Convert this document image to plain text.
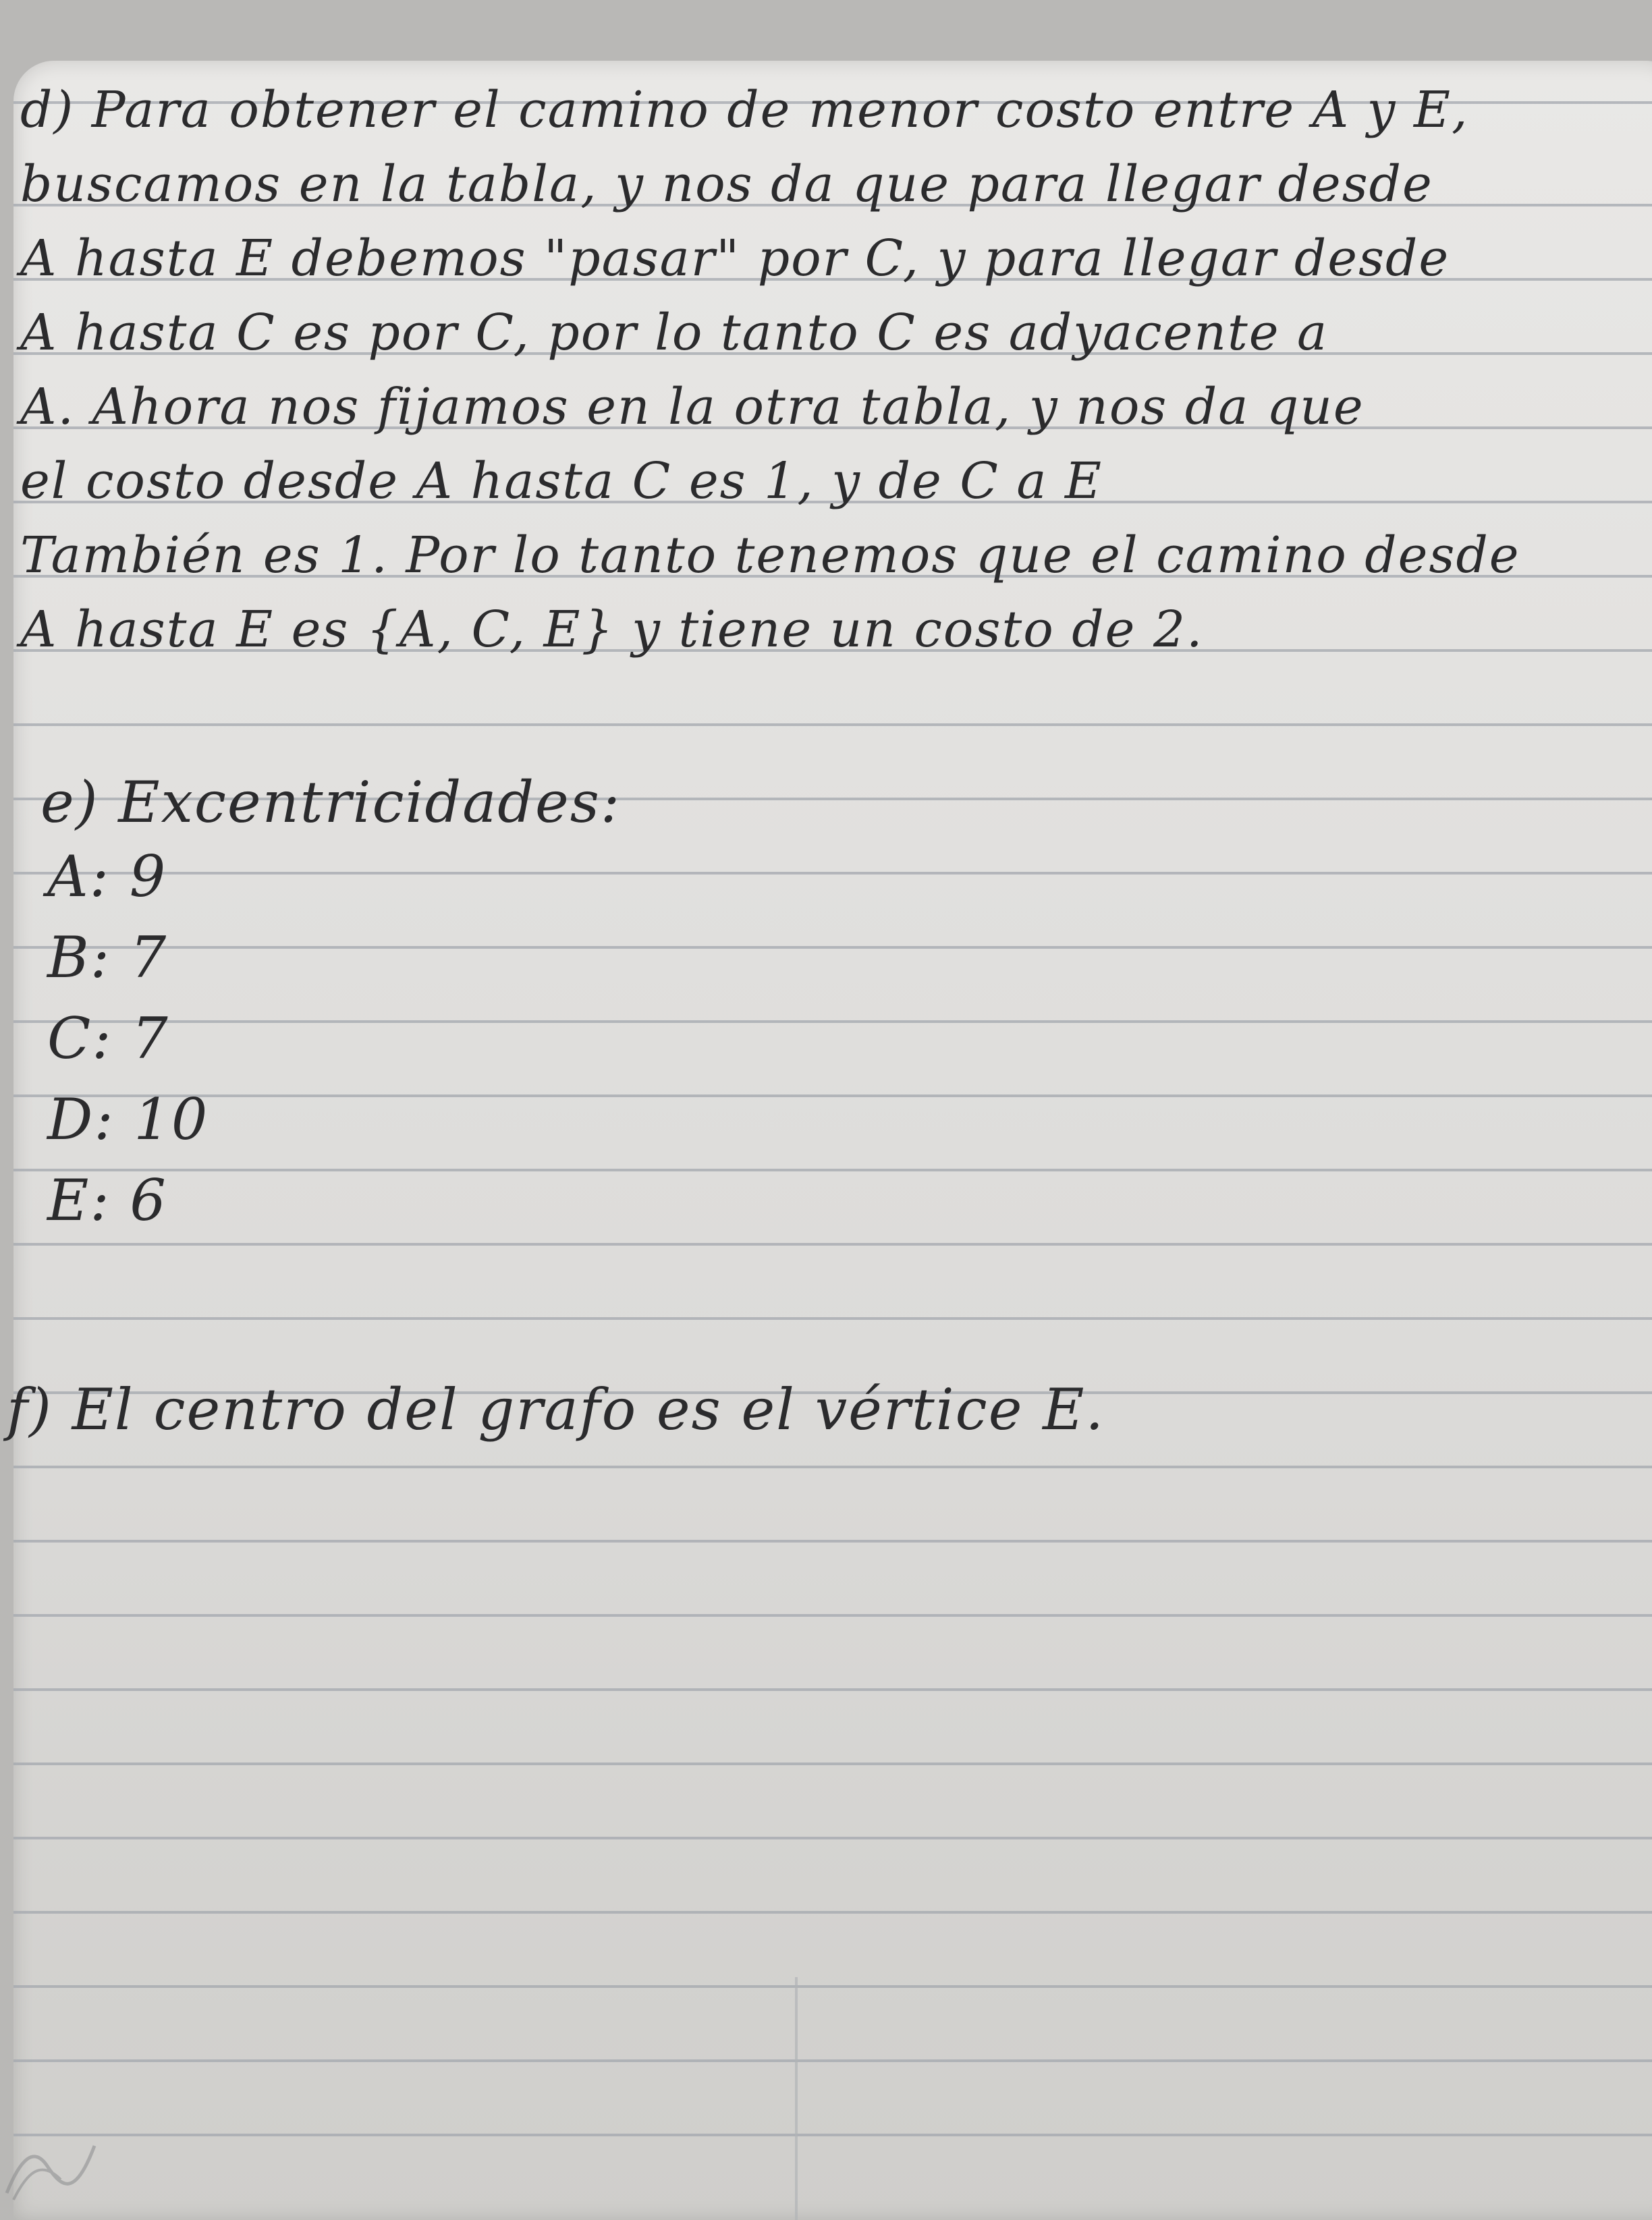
d) Para obtener el camino de menor costo entre A y E,
buscamos en la tabla, y nos da que para llegar desde
A hasta E debemos "pasar" por C, y para llegar desde
A hasta C es por C, por lo tanto C es adyacente a
A. Ahora nos fijamos en la otra tabla, y nos da que
el costo desde A hasta C es 1, y de C a E
También es 1. Por lo tanto tenemos que el camino desde
A hasta E es {A, C, E} y tiene un costo de 2.
e) Excentricidades:
A: 9
B: 7
C: 7
D: 10
E: 6
f) El centro del grafo es el vértice E.
